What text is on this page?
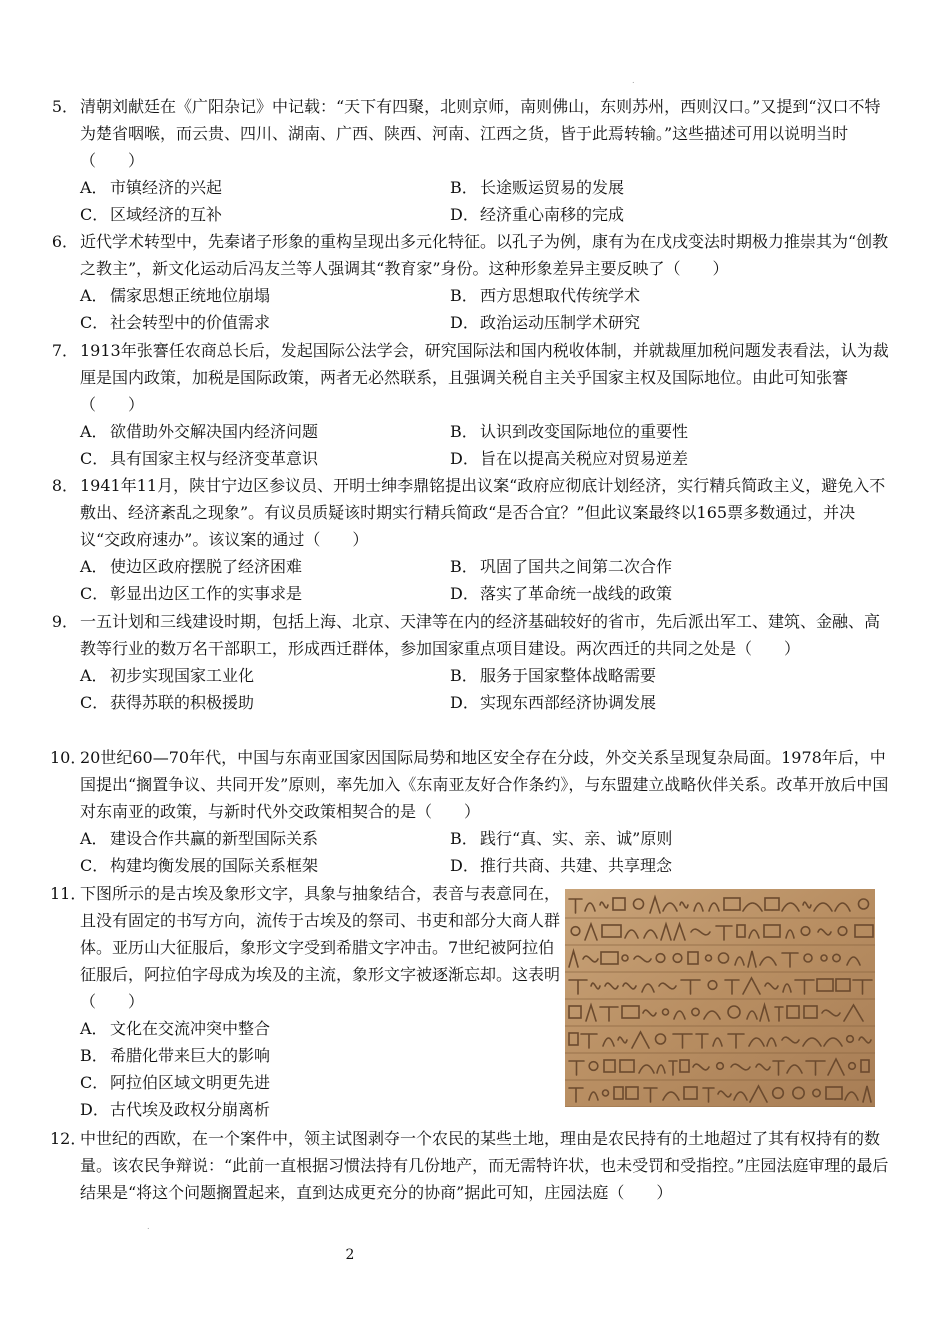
.
5． 清朝刘献廷在《广阳杂记》中记载：“天下有四聚，北则京师，南则佛山，东则苏州，西则汉口。”又提到“汉口不特为楚省咽喉，而云贵、四川、湖南、广西、陕西、河南、江西之货，皆于此焉转输。”这些描述可用以说明当时（　　）
A． 市镇经济的兴起	B． 长途贩运贸易的发展
C． 区域经济的互补	D．经济重心南移的完成
6． 近代学术转型中，先秦诸子形象的重构呈现出多元化特征。以孔子为例，康有为在戊戌变法时期极力推崇其为“创教之教主”，新文化运动后冯友兰等人强调其“教育家”身份。这种形象差异主要反映了（　　）
A． 儒家思想正统地位崩塌	B． 西方思想取代传统学术
C． 社会转型中的价值需求	D．政治运动压制学术研究
7． 1913年张謇任农商总长后，发起国际公法学会，研究国际法和国内税收体制，并就裁厘加税问题发表看法，认为裁厘是国内政策，加税是国际政策，两者无必然联系，且强调关税自主关乎国家主权及国际地位。由此可知张謇（　　）
A． 欲借助外交解决国内经济问题	B． 认识到改变国际地位的重要性
C． 具有国家主权与经济变革意识	D．旨在以提高关税应对贸易逆差
8． 1941年11月，陕甘宁边区参议员、开明士绅李鼎铭提出议案“政府应彻底计划经济，实行精兵简政主义，避免入不敷出、经济紊乱之现象”。有议员质疑该时期实行精兵简政“是否合宜？”但此议案最终以165票多数通过，并决议“交政府速办”。该议案的通过（　　）
A． 使边区政府摆脱了经济困难	B． 巩固了国共之间第二次合作
C． 彰显出边区工作的实事求是	D．落实了革命统一战线的政策
9． 一五计划和三线建设时期，包括上海、北京、天津等在内的经济基础较好的省市，先后派出军工、建筑、金融、高教等行业的数万名干部职工，形成西迁群体，参加国家重点项目建设。两次西迁的共同之处是（　　）
A． 初步实现国家工业化	B． 服务于国家整体战略需要
C． 获得苏联的积极援助	D．实现东西部经济协调发展
10．20世纪60—70年代，中国与东南亚国家因国际局势和地区安全存在分歧，外交关系呈现复杂局面。1978年后，中国提出“搁置争议、共同开发”原则，率先加入《东南亚友好合作条约》，与东盟建立战略伙伴关系。改革开放后中国对东南亚的政策，与新时代外交政策相契合的是（　　）
A． 建设合作共赢的新型国际关系	B． 践行“真、实、亲、诚”原则
C． 构建均衡发展的国际关系框架	D．推行共商、共建、共享理念
11．下图所示的是古埃及象形文字，具象与抽象结合，表音与表意同在，且没有固定的书写方向，流传于古埃及的祭司、书吏和部分大商人群体。亚历山大征服后，象形文字受到希腊文字冲击。7世纪被阿拉伯征服后，阿拉伯字母成为埃及的主流，象形文字被逐渐忘却。这表明（　　）
A． 文化在交流冲突中整合
B． 希腊化带来巨大的影响
C． 阿拉伯区域文明更先进
D．古代埃及政权分崩离析
12．中世纪的西欧，在一个案件中，领主试图剥夺一个农民的某些土地，理由是农民持有的土地超过了其有权持有的数量。该农民争辩说：“此前一直根据习惯法持有几份地产，而无需特许状，也未受罚和受指控。”庄园法庭审理的最后结果是“将这个问题搁置起来，直到达成更充分的协商”据此可知，庄园法庭（　　）
.
2
